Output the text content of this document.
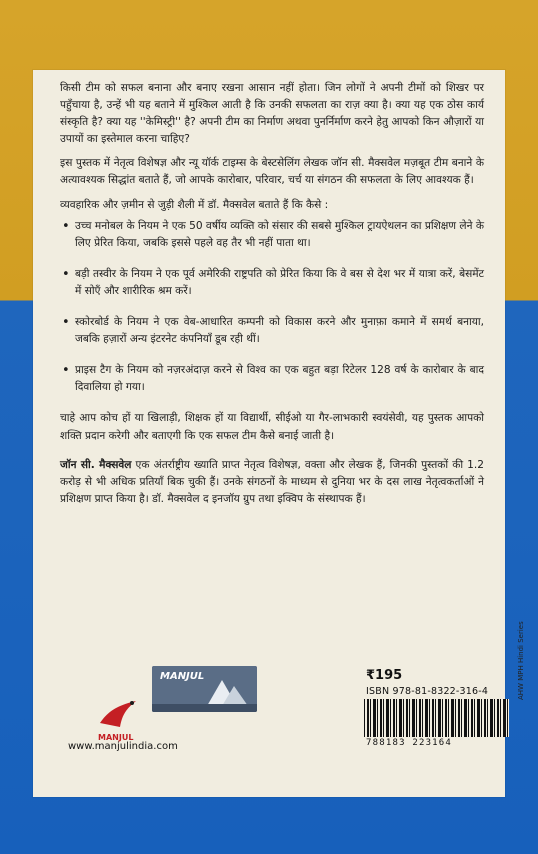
किसी टीम को सफल बनाना और बनाए रखना आसान नहीं होता। जिन लोगों ने अपनी टीमों को शिखर पर पहुँचाया है, उन्हें भी यह बताने में मुश्किल आती है कि उनकी सफलता का राज़ क्या है। क्या यह एक ठोस कार्य संस्कृति है? क्या यह ''केमिस्ट्री'' है? अपनी टीम का निर्माण अथवा पुनर्निर्माण करने हेतु आपको किन औज़ारों या उपायों का इस्तेमाल करना चाहिए?

इस पुस्तक में नेतृत्व विशेषज्ञ और न्यू यॉर्क टाइम्स के बेस्टसेलिंग लेखक जॉन सी. मैक्सवेल मज़बूत टीम बनाने के अत्यावश्यक सिद्धांत बताते हैं, जो आपके कारोबार, परिवार, चर्च या संगठन की सफलता के लिए आवश्यक हैं।

व्यवहारिक और ज़मीन से जुड़ी शैली में डॉ. मैक्सवेल बताते हैं कि कैसे :

• उच्च मनोबल के नियम ने एक 50 वर्षीय व्यक्ति को संसार की सबसे मुश्किल ट्रायऐथलन का प्रशिक्षण लेने के लिए प्रेरित किया, जबकि इससे पहले वह तैर भी नहीं पाता था।
• बड़ी तस्वीर के नियम ने एक पूर्व अमेरिकी राष्ट्रपति को प्रेरित किया कि वे बस से देश भर में यात्रा करें, बेसमेंट में सोएँ और शारीरिक श्रम करें।
• स्कोरबोर्ड के नियम ने एक वेब-आधारित कम्पनी को विकास करने और मुनाफ़ा कमाने में समर्थ बनाया, जबकि हज़ारों अन्य इंटरनेट कंपनियाँ डूब रही थीं।
• प्राइस टैग के नियम को नज़रअंदाज़ करने से विश्व का एक बहुत बड़ा रिटेलर 128 वर्ष के कारोबार के बाद दिवालिया हो गया।

चाहे आप कोच हों या खिलाड़ी, शिक्षक हों या विद्यार्थी, सीईओ या गैर-लाभकारी स्वयंसेवी, यह पुस्तक आपको शक्ति प्रदान करेगी और बताएगी कि एक सफल टीम कैसे बनाई जाती है।

जॉन सी. मैक्सवेल एक अंतर्राष्ट्रीय ख्याति प्राप्त नेतृत्व विशेषज्ञ, वक्ता और लेखक हैं, जिनकी पुस्तकों की 1.2 करोड़ से भी अधिक प्रतियाँ बिक चुकी हैं। उनके संगठनों के माध्यम से दुनिया भर के दस लाख नेतृत्वकर्ताओं ने प्रशिक्षण प्राप्त किया है। डॉ. मैक्सवेल द इनजॉय ग्रुप तथा इक्विप के संस्थापक हैं।

MANJUL
MANJUL
www.manjulindia.com
₹195
ISBN 978-81-8322-316-4
788183 223164
AHW MPH Hindi Series
